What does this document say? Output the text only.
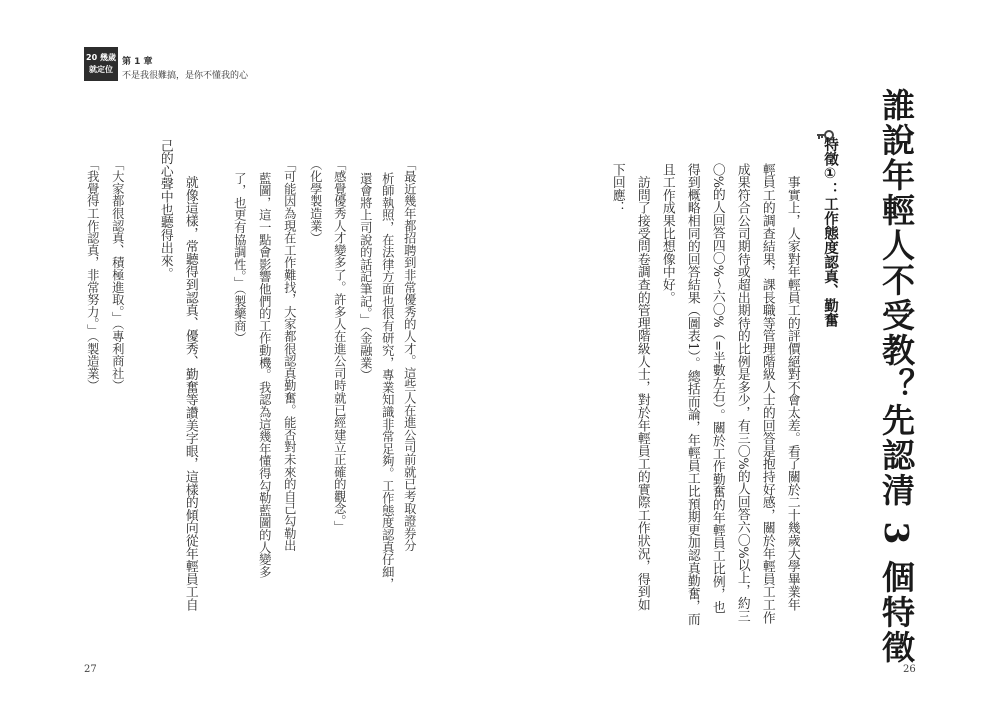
20 幾歲
就定位
第 1 章
不是我很難搞，是你不懂我的心
27	26
誰說年輕人不受教？先認清 3 個特徵
特徵①：工作態度認真、勤奮
　事實上，人家對年輕員工的評價絕對不會太差。看了關於二十幾歲大學畢業年
輕員工的調查結果，課長職等管理階級人士的回答是抱持好感，關於年輕員工工作
成果符合公司期待或超出期待的比例是多少，有三〇%的人回答六〇%以上，約三
〇%的人回答四〇%～六〇%（=半數左右）。關於工作勤奮的年輕員工比例，也
得到概略相同的回答結果（圖表1）。總括而論，年輕員工比預期更加認真勤奮，而
且工作成果比想像中好。
　訪問了接受問卷調查的管理階級人士，對於年輕員工的實際工作狀況，得到如
下回應：
「最近幾年都招聘到非常優秀的人才。這些人在進公司前就已考取證券分
析師執照，在法律方面也很有研究，專業知識非常足夠。工作態度認真仔細，
還會將上司說的話記筆記。」（金融業）
「感覺優秀人才變多了。許多人在進公司時就已經建立正確的觀念。」
（化學製造業）
「可能因為現在工作難找，大家都很認真勤奮。能否對未來的自己勾勒出
藍圖，這一點會影響他們的工作動機。我認為這幾年懂得勾勒藍圖的人變多
了，也更有協調性。」（製藥商）
　就像這樣，常聽得到認真、優秀、勤奮等讚美字眼，這樣的傾向從年輕員工自
己的心聲中也聽得出來。
「大家都很認真、積極進取。」（專利商社）
「我覺得工作認真，非常努力。」（製造業）
